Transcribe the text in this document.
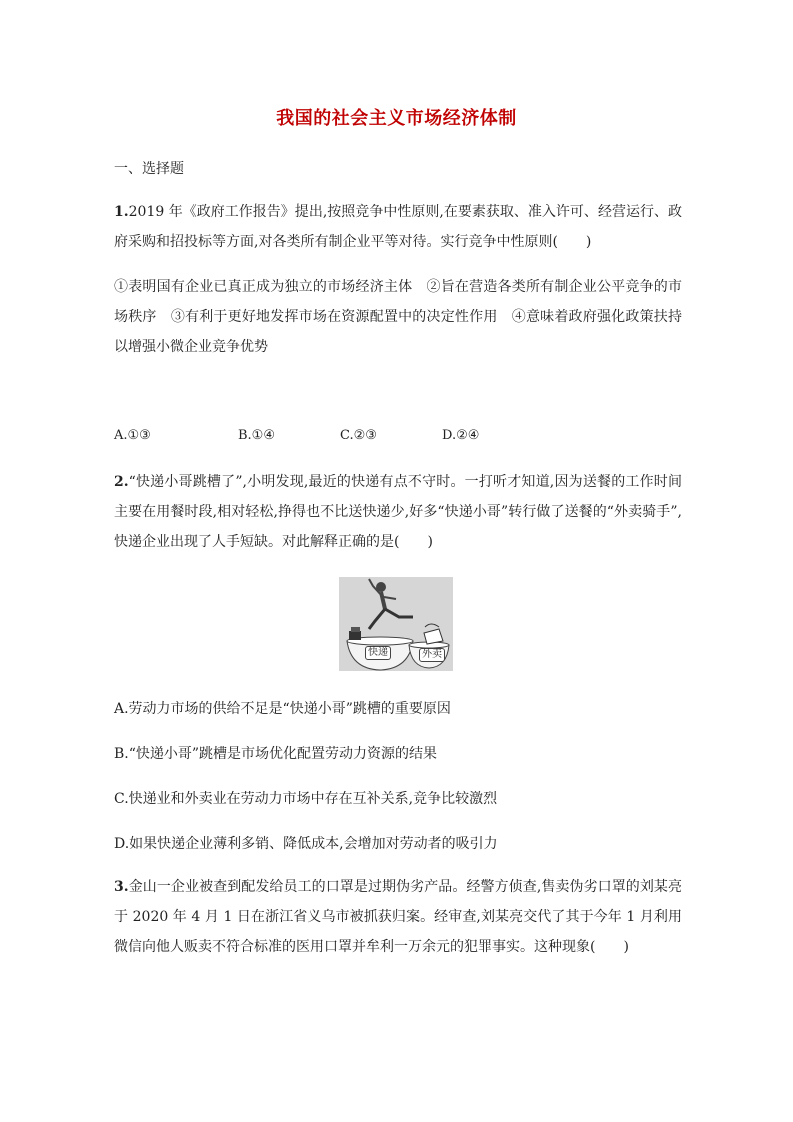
我国的社会主义市场经济体制
一、选择题

1.2019 年《政府工作报告》提出,按照竞争中性原则,在要素获取、准入许可、经营运行、政府采购和招投标等方面,对各类所有制企业平等对待。实行竞争中性原则(　　)

①表明国有企业已真正成为独立的市场经济主体　②旨在营造各类所有制企业公平竞争的市场秩序　③有利于更好地发挥市场在资源配置中的决定性作用　④意味着政府强化政策扶持以增强小微企业竞争优势

A.①③	B.①④	C.②③	D.②④

2.“快递小哥跳槽了”,小明发现,最近的快递有点不守时。一打听才知道,因为送餐的工作时间主要在用餐时段,相对轻松,挣得也不比送快递少,好多“快递小哥”转行做了送餐的“外卖骑手”,快递企业出现了人手短缺。对此解释正确的是(　　)

快递	外卖
A.劳动力市场的供给不足是“快递小哥”跳槽的重要原因
B.“快递小哥”跳槽是市场优化配置劳动力资源的结果
C.快递业和外卖业在劳动力市场中存在互补关系,竞争比较激烈
D.如果快递企业薄利多销、降低成本,会增加对劳动者的吸引力

3.金山一企业被查到配发给员工的口罩是过期伪劣产品。经警方侦查,售卖伪劣口罩的刘某亮于 2020 年 4 月 1 日在浙江省义乌市被抓获归案。经审查,刘某亮交代了其于今年 1 月利用微信向他人贩卖不符合标准的医用口罩并牟利一万余元的犯罪事实。这种现象(　　)
